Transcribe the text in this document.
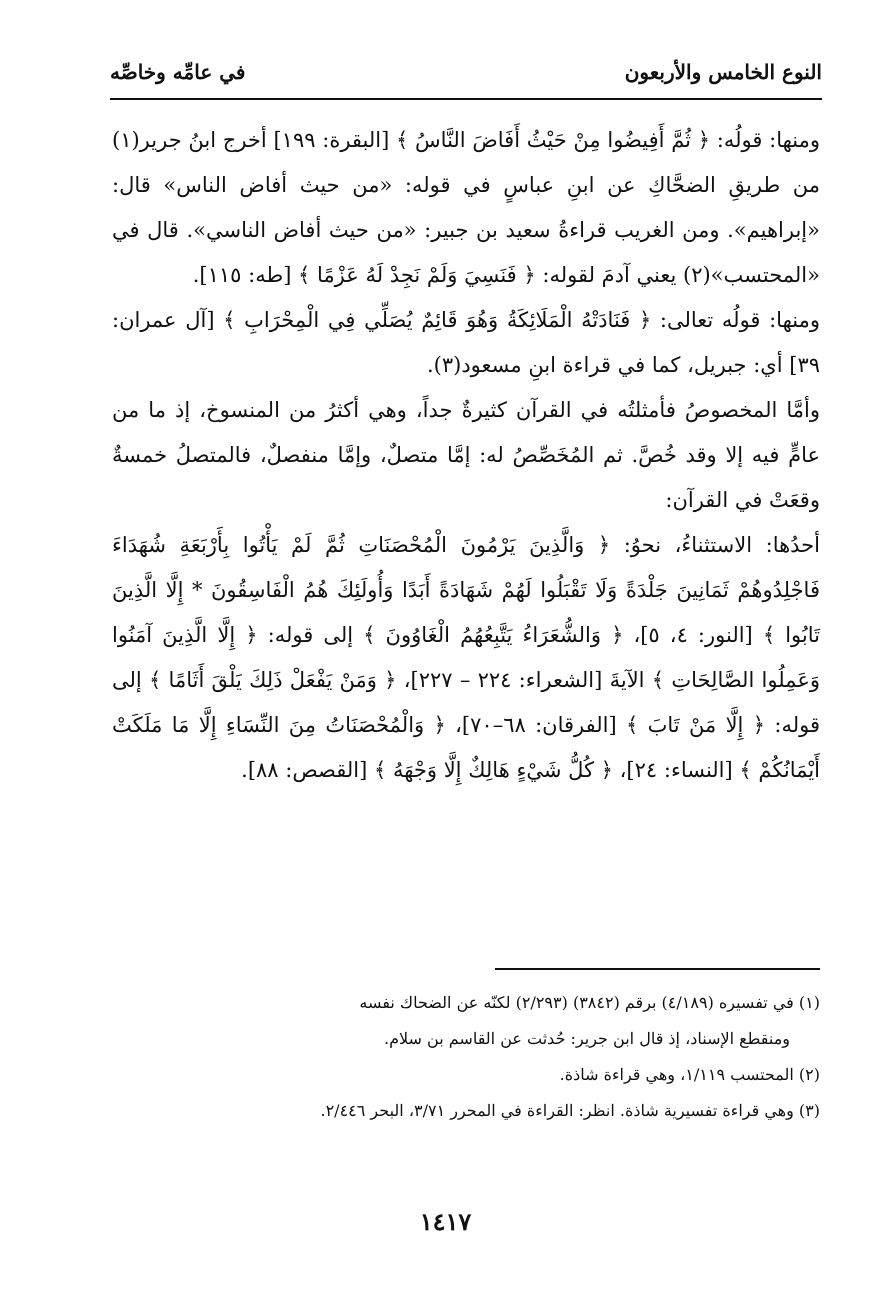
النوع الخامس والأربعون
في عامِّه وخاصِّه

ومنها: قولُه: ﴿ ثُمَّ أَفِيضُوا مِنْ حَيْثُ أَفَاضَ النَّاسُ ﴾ [البقرة: ١٩٩] أخرج ابنُ جرير(١) من طريقِ الضحَّاكِ عن ابنِ عباسٍ في قوله: «من حيث أفاض الناس» قال: «إبراهيم». ومن الغريب قراءةُ سعيد بن جبير: «من حيث أفاض الناسي». قال في «المحتسب»(٢) يعني آدمَ لقوله: ﴿ فَنَسِيَ وَلَمْ نَجِدْ لَهُ عَزْمًا ﴾ [طه: ١١٥].

ومنها: قولُه تعالى: ﴿ فَنَادَتْهُ الْمَلَائِكَةُ وَهُوَ قَائِمٌ يُصَلِّي فِي الْمِحْرَابِ ﴾ [آل عمران: ٣٩] أي: جبريل، كما في قراءة ابنِ مسعود(٣).

وأمَّا المخصوصُ فأمثلتُه في القرآن كثيرةٌ جداً، وهي أكثرُ من المنسوخ، إذ ما من عامٍّ فيه إلا وقد خُصَّ. ثم المُخَصِّصُ له: إمَّا متصلٌ، وإمَّا منفصلٌ، فالمتصلُ خمسةٌ وقعَتْ في القرآن:

أحدُها: الاستثناءُ، نحوُ: ﴿ وَالَّذِينَ يَرْمُونَ الْمُحْصَنَاتِ ثُمَّ لَمْ يَأْتُوا بِأَرْبَعَةِ شُهَدَاءَ فَاجْلِدُوهُمْ ثَمَانِينَ جَلْدَةً وَلَا تَقْبَلُوا لَهُمْ شَهَادَةً أَبَدًا وَأُولَئِكَ هُمُ الْفَاسِقُونَ * إِلَّا الَّذِينَ تَابُوا ﴾ [النور: ٤، ٥]، ﴿ وَالشُّعَرَاءُ يَتَّبِعُهُمُ الْغَاوُونَ ﴾ إلى قوله: ﴿ إِلَّا الَّذِينَ آمَنُوا وَعَمِلُوا الصَّالِحَاتِ ﴾ الآيةَ [الشعراء: ٢٢٤ – ٢٢٧]، ﴿ وَمَنْ يَفْعَلْ ذَلِكَ يَلْقَ أَثَامًا ﴾ إلى قوله: ﴿ إِلَّا مَنْ تَابَ ﴾ [الفرقان: ٦٨–٧٠]، ﴿ وَالْمُحْصَنَاتُ مِنَ النِّسَاءِ إِلَّا مَا مَلَكَتْ أَيْمَانُكُمْ ﴾ [النساء: ٢٤]، ﴿ كُلُّ شَيْءٍ هَالِكٌ إِلَّا وَجْهَهُ ﴾ [القصص: ٨٨].

(١) في تفسيره (٤/١٨٩) برقم (٣٨٤٢) (٢/٢٩٣) لكنّه عن الضحاك نفسه

ومنقطع الإسناد، إذ قال ابن جرير: حُدثت عن القاسم بن سلام.

(٢) المحتسب ١/١١٩، وهي قراءة شاذة.

(٣) وهي قراءة تفسيرية شاذة. انظر: القراءة في المحرر ٣/٧١، البحر ٢/٤٤٦.

١٤١٧
